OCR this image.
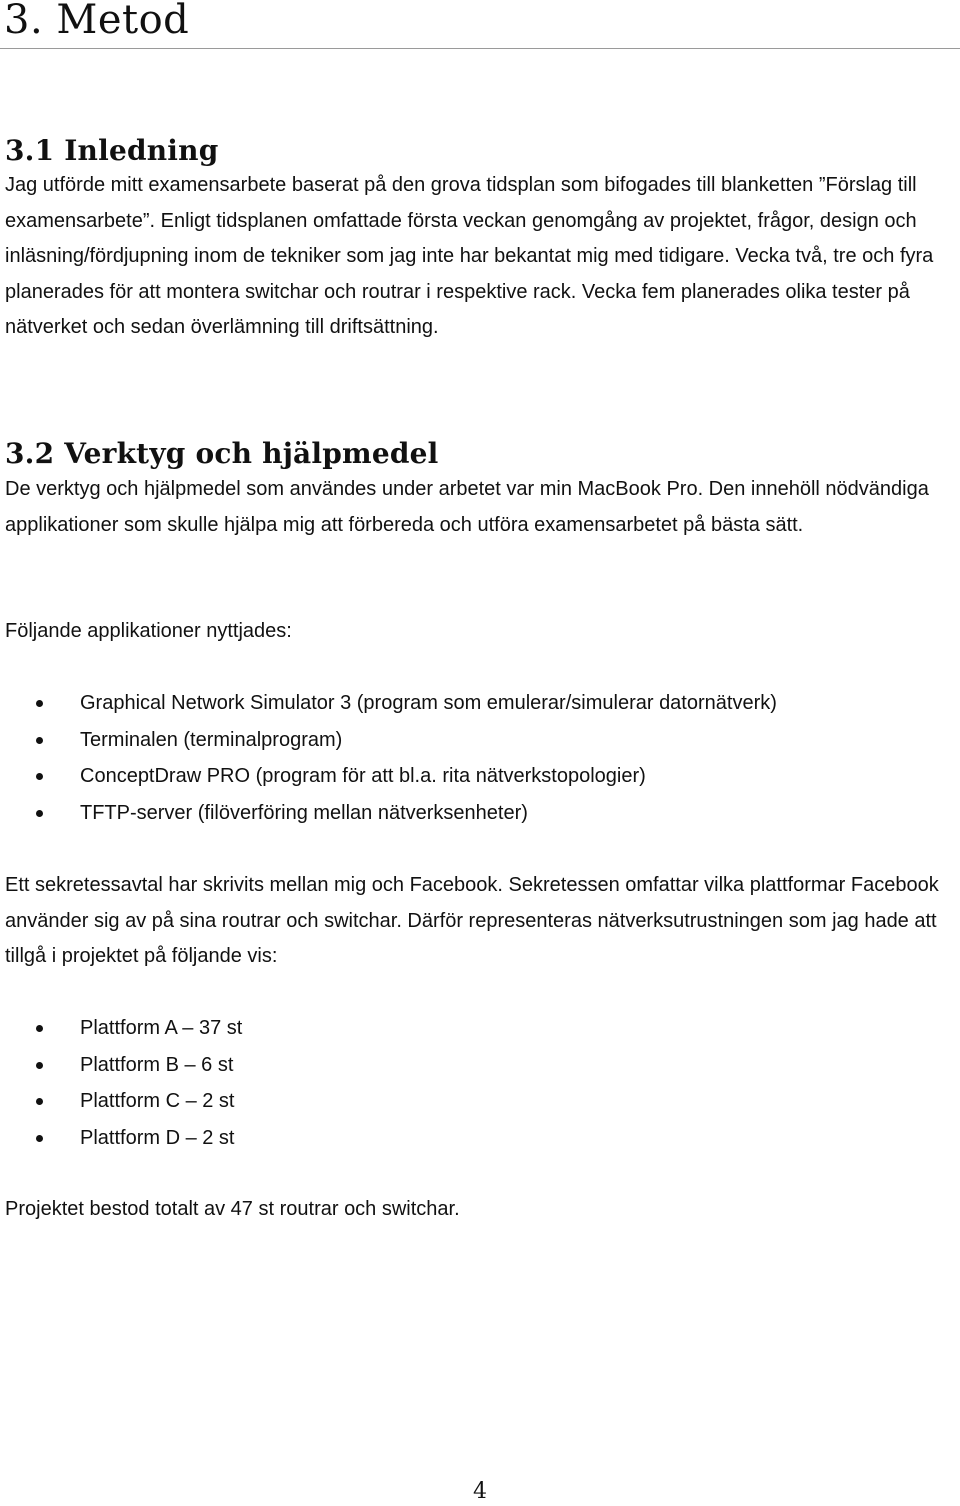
3. Metod
3.1 Inledning

Jag utförde mitt examensarbete baserat på den grova tidsplan som bifogades till blanketten ”Förslag till examensarbete”. Enligt tidsplanen omfattade första veckan genomgång av projektet, frågor, design och inläsning/fördjupning inom de tekniker som jag inte har bekantat mig med tidigare. Vecka två, tre och fyra planerades för att montera switchar och routrar i respektive rack. Vecka fem planerades olika tester på nätverket och sedan överlämning till driftsättning.

3.2 Verktyg och hjälpmedel

De verktyg och hjälpmedel som användes under arbetet var min MacBook Pro. Den innehöll nödvändiga applikationer som skulle hjälpa mig att förbereda och utföra examensarbetet på bästa sätt.

Följande applikationer nyttjades:

Graphical Network Simulator 3 (program som emulerar/simulerar datornätverk)
Terminalen (terminalprogram)
ConceptDraw PRO (program för att bl.a. rita nätverkstopologier)
TFTP-server (filöverföring mellan nätverksenheter)

Ett sekretessavtal har skrivits mellan mig och Facebook. Sekretessen omfattar vilka plattformar Facebook använder sig av på sina routrar och switchar. Därför representeras nätverksutrustningen som jag hade att tillgå i projektet på följande vis:

Plattform A – 37 st
Plattform B – 6 st
Plattform C – 2 st
Plattform D – 2 st

Projektet bestod totalt av 47 st routrar och switchar.

4
